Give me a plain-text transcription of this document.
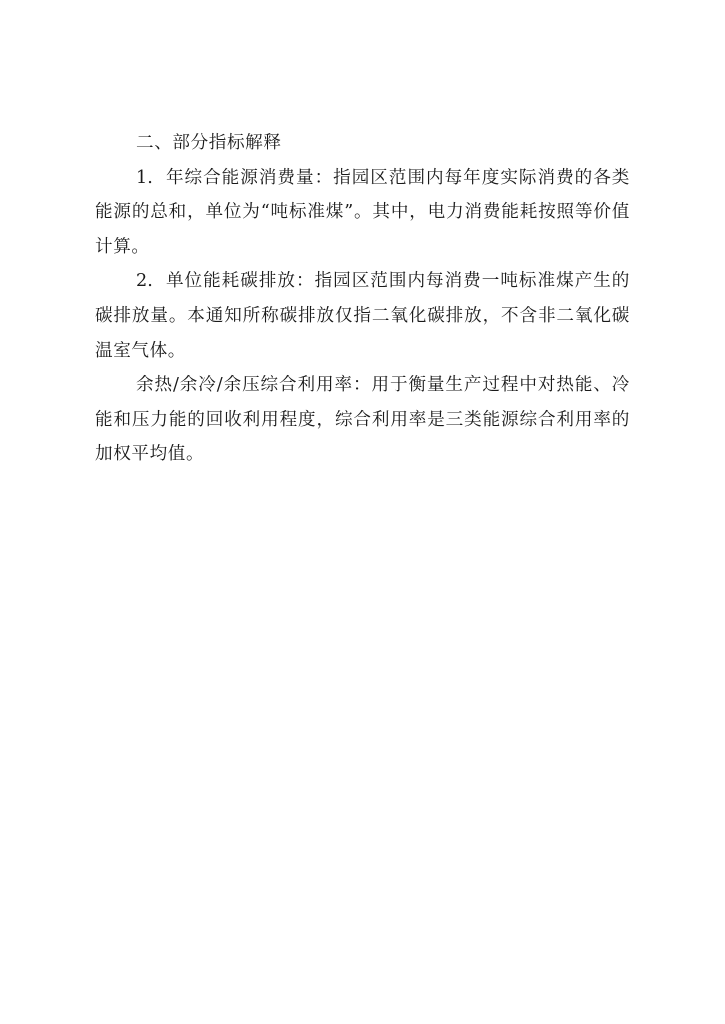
二、部分指标解释

1. 年综合能源消费量：指园区范围内每年度实际消费的各类能源的总和，单位为“吨标准煤”。其中，电力消费能耗按照等价值计算。

2. 单位能耗碳排放：指园区范围内每消费一吨标准煤产生的碳排放量。本通知所称碳排放仅指二氧化碳排放，不含非二氧化碳温室气体。

余热/余冷/余压综合利用率：用于衡量生产过程中对热能、冷能和压力能的回收利用程度，综合利用率是三类能源综合利用率的加权平均值。
